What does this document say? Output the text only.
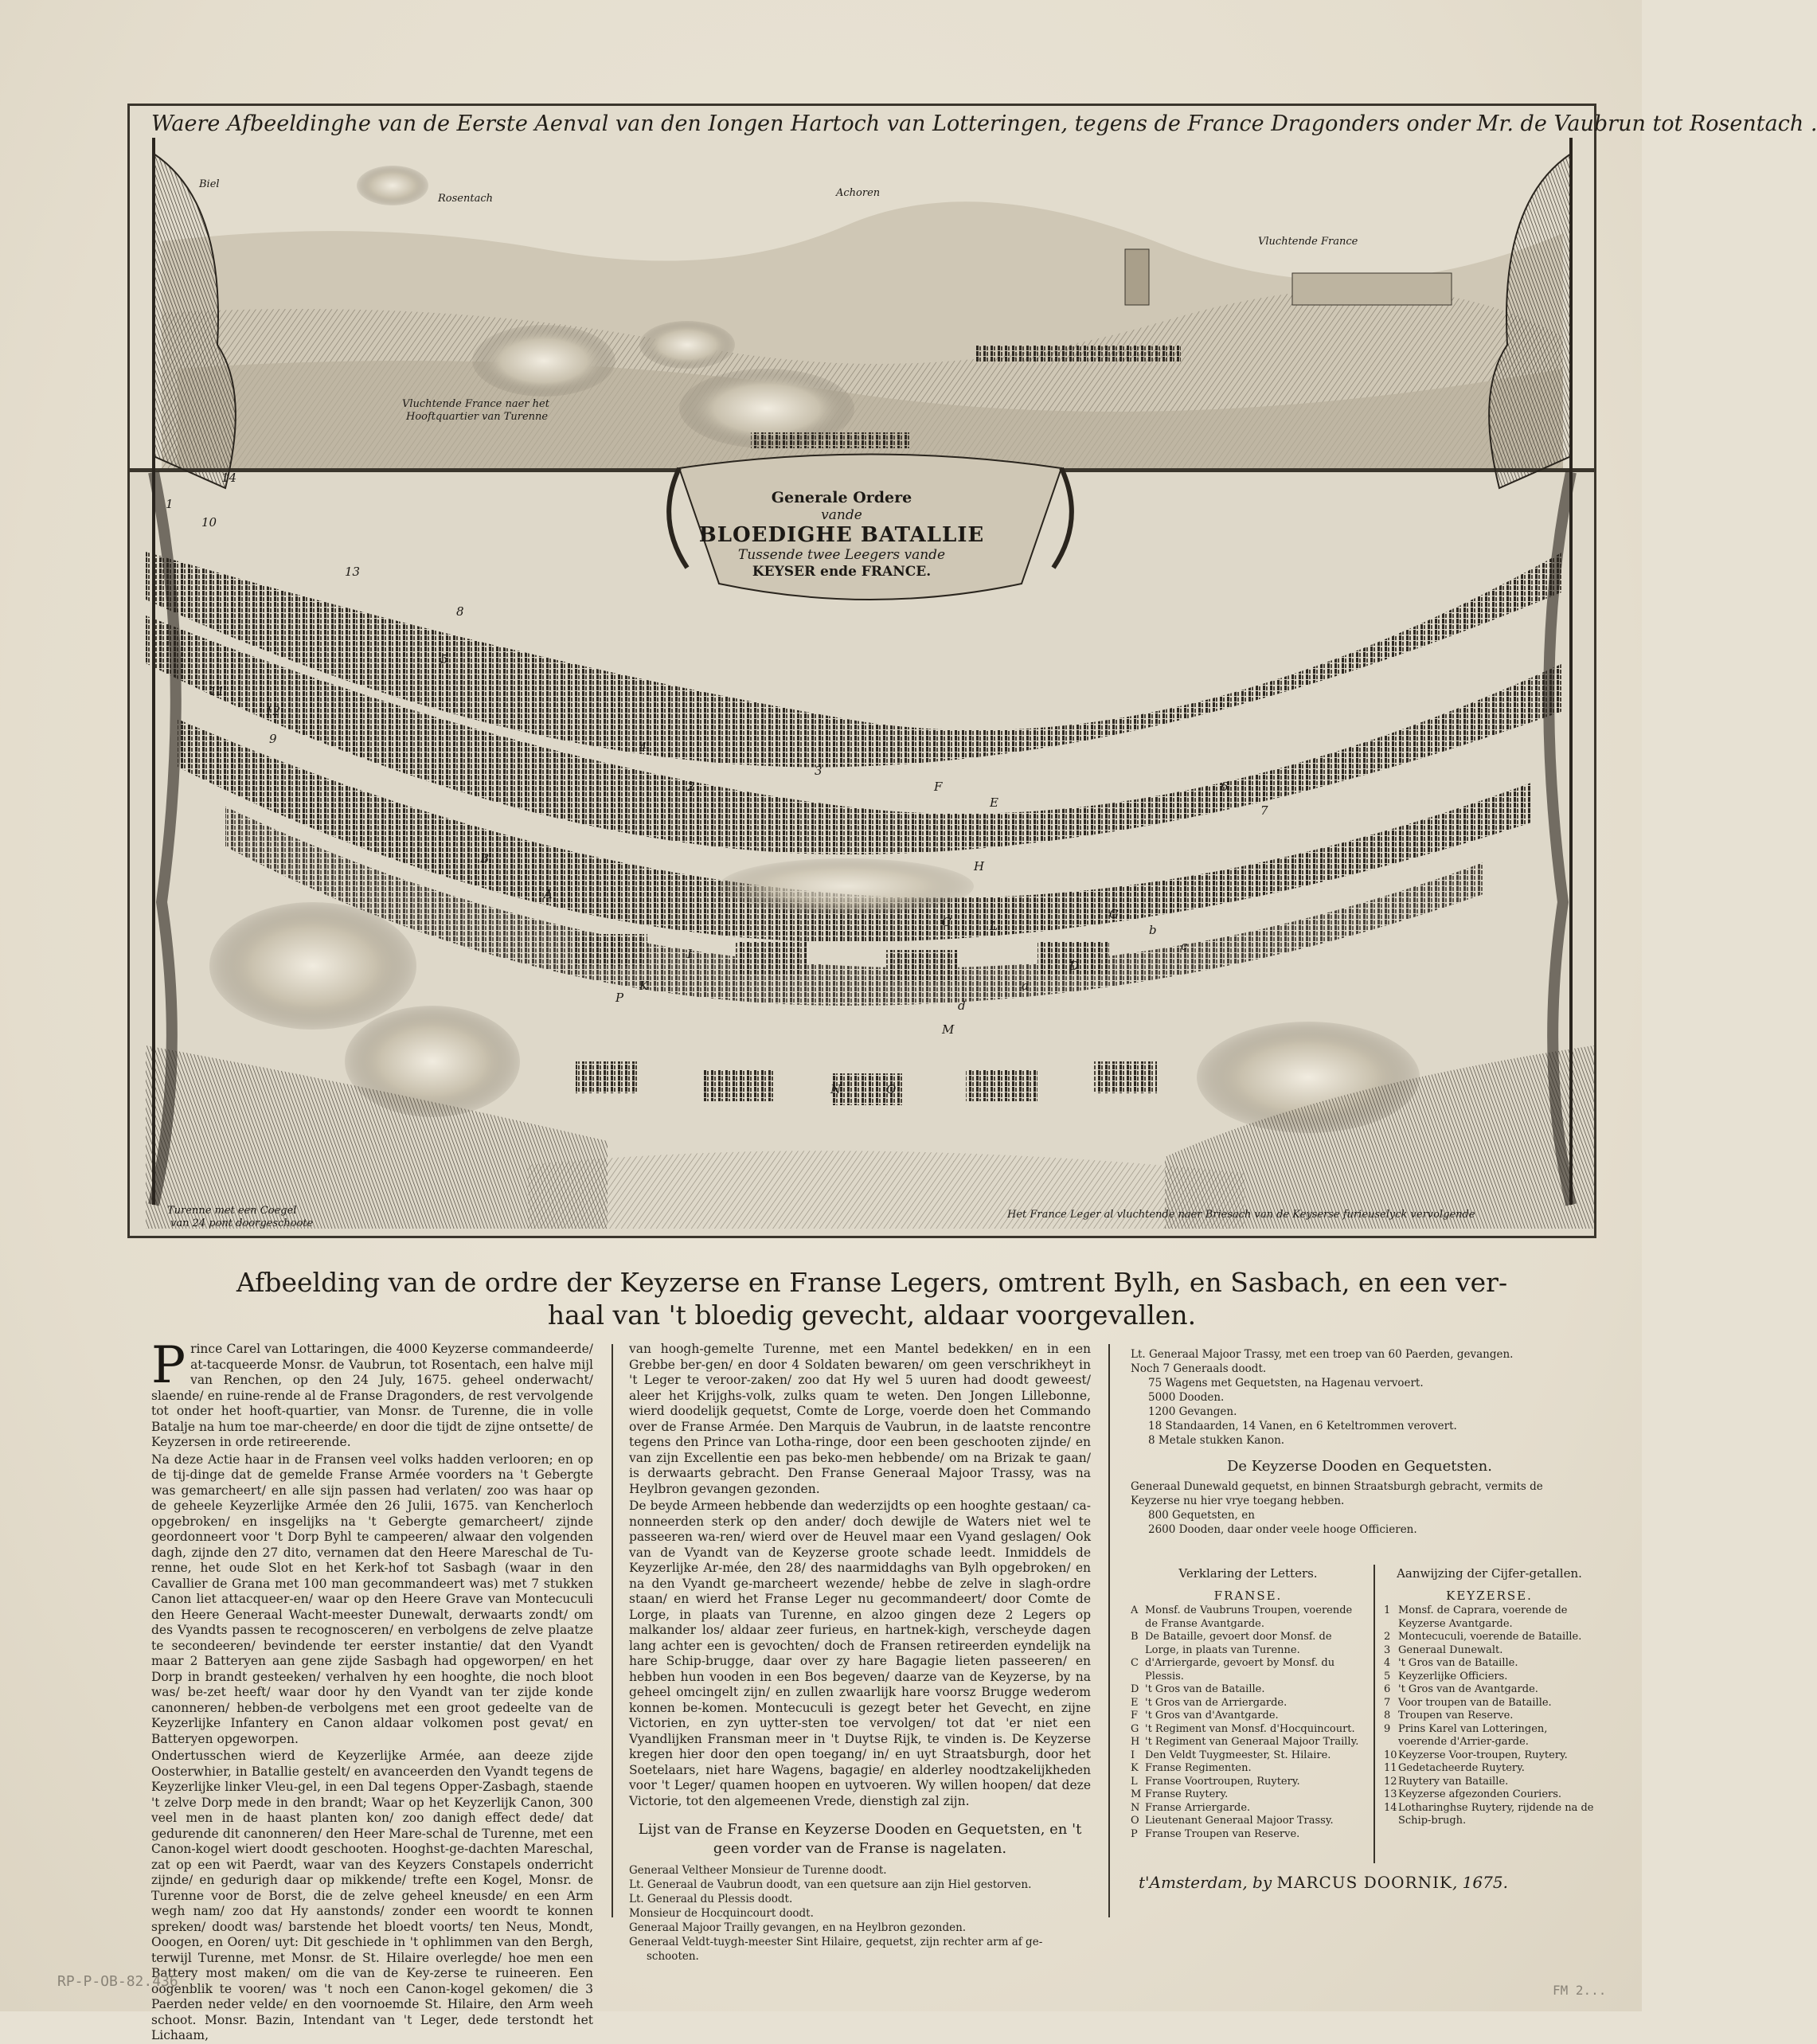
13
14
1
10
11
12
9
8
5
2
3
4
6
7
A
B
C
D
E
F
G
H
I
K
L
M
N	O
P
a
b
c
d
Waere Afbeeldinghe van de Eerste Aenval van den Iongen Hartoch van Lotteringen, tegens de France Dragonders onder Mr. de Vaubrun tot Rosentach .
Biel
Rosentach	Achoren
Vluchtende France
Vluchtende France naer het
Hooftquartier van Turenne
Generale Ordere
vande
BLOEDIGHE BATALLIE
Tussende twee Leegers vande
KEYSER ende FRANCE.
Turenne met een Coegel
van 24 pont doorgeschoote
Het France Leger al vluchtende naer Briesach van de Keyserse furieuselyck vervolgende
Afbeelding van de ordre der Keyzerse en Franse Legers, omtrent Bylh, en Sasbach, en een ver-
haal van 't bloedig gevecht, aldaar voorgevallen.
P rince Carel van Lottaringen, die 4000 Keyzerse commandeerde/ at-tacqueerde Monsr. de Vaubrun, tot Rosentach, een halve mijl van Renchen, op den 24 July, 1675. geheel onderwacht/ slaende/ en ruine-rende al de Franse Dragonders, de rest vervolgende tot onder het hooft-quartier, van Monsr. de Turenne, die in volle Batalje na hum toe mar-cheerde/ en door die tijdt de zijne ontsette/ de Keyzersen in orde retireerende.

Na deze Actie haar in de Fransen veel volks hadden verlooren; en op de tij-dinge dat de gemelde Franse Armée voorders na 't Gebergte was gemarcheert/ en alle sijn passen had verlaten/ zoo was haar op de geheele Keyzerlijke Armée den 26 Julii, 1675. van Kencherloch opgebroken/ en insgelijks na 't Gebergte gemarcheert/ zijnde geordonneert voor 't Dorp Byhl te campeeren/ alwaar den volgenden dagh, zijnde den 27 dito, vernamen dat den Heere Mareschal de Tu-renne, het oude Slot en het Kerk-hof tot Sasbagh (waar in den Cavallier de Grana met 100 man gecommandeert was) met 7 stukken Canon liet attacqueer-en/ waar op den Heere Grave van Montecuculi den Heere Generaal Wacht-meester Dunewalt, derwaarts zondt/ om des Vyandts passen te recognosceren/ en verbolgens de zelve plaatze te secondeeren/ bevindende ter eerster instantie/ dat den Vyandt maar 2 Batteryen aan gene zijde Sasbagh had opgeworpen/ en het Dorp in brandt gesteeken/ verhalven hy een hooghte, die noch bloot was/ be-zet heeft/ waar door hy den Vyandt van ter zijde konde canonneren/ hebben-de verbolgens met een groot gedeelte van de Keyzerlijke Infantery en Canon aldaar volkomen post gevat/ en Batteryen opgeworpen.

Ondertusschen wierd de Keyzerlijke Armée, aan deeze zijde Oosterwhier, in Batallie gestelt/ en avanceerden den Vyandt tegens de Keyzerlijke linker Vleu-gel, in een Dal tegens Opper-Zasbagh, staende 't zelve Dorp mede in den brandt; Waar op het Keyzerlijk Canon, 300 veel men in de haast planten kon/ zoo danigh effect dede/ dat gedurende dit canonneren/ den Heer Mare-schal de Turenne, met een Canon-kogel wiert doodt geschooten. Hooghst-ge-dachten Mareschal, zat op een wit Paerdt, waar van des Keyzers Constapels onderricht zijnde/ en gedurigh daar op mikkende/ trefte een Kogel, Monsr. de Turenne voor de Borst, die de zelve geheel kneusde/ en een Arm wegh nam/ zoo dat Hy aanstonds/ zonder een woordt te konnen spreken/ doodt was/ barstende het bloedt voorts/ ten Neus, Mondt, Ooogen, en Ooren/ uyt: Dit geschiede in 't ophlimmen van den Bergh, terwijl Turenne, met Monsr. de St. Hilaire overlegde/ hoe men een Battery most maken/ om die van de Key-zerse te ruineeren. Een oogenblik te vooren/ was 't noch een Canon-kogel gekomen/ die 3 Paerden neder velde/ en den voornoemde St. Hilaire, den Arm weeh schoot. Monsr. Bazin, Intendant van 't Leger, dede terstondt het Lichaam,

van hoogh-gemelte Turenne, met een Mantel bedekken/ en in een Grebbe ber-gen/ en door 4 Soldaten bewaren/ om geen verschrikheyt in 't Leger te veroor-zaken/ zoo dat Hy wel 5 uuren had doodt geweest/ aleer het Krijghs-volk, zulks quam te weten. Den Jongen Lillebonne, wierd doodelijk gequetst, Comte de Lorge, voerde doen het Commando over de Franse Armée. Den Marquis de Vaubrun, in de laatste rencontre tegens den Prince van Lotha-ringe, door een been geschooten zijnde/ en van zijn Excellentie een pas beko-men hebbende/ om na Brizak te gaan/ is derwaarts gebracht. Den Franse Generaal Majoor Trassy, was na Heylbron gevangen gezonden.

De beyde Armeen hebbende dan wederzijdts op een hooghte gestaan/ ca-nonneerden sterk op den ander/ doch dewijle de Waters niet wel te passeeren wa-ren/ wierd over de Heuvel maar een Vyand geslagen/ Ook van de Vyandt van de Keyzerse groote schade leedt. Inmiddels de Keyzerlijke Ar-mée, den 28/ des naarmiddaghs van Bylh opgebroken/ en na den Vyandt ge-marcheert wezende/ hebbe de zelve in slagh-ordre staan/ en wierd het Franse Leger nu gecommandeert/ door Comte de Lorge, in plaats van Turenne, en alzoo gingen deze 2 Legers op malkander los/ aldaar zeer furieus, en hartnek-kigh, verscheyde dagen lang achter een is gevochten/ doch de Fransen retireerden eyndelijk na hare Schip-brugge, daar over zy hare Bagagie lieten passeeren/ en hebben hun vooden in een Bos begeven/ daarze van de Keyzerse, by na geheel omcingelt zijn/ en zullen zwaarlijk hare voorsz Brugge wederom konnen be-komen. Montecuculi is gezegt beter het Gevecht, en zijne Victorien, en zyn uytter-sten toe vervolgen/ tot dat 'er niet een Vyandlijken Fransman meer in 't Duytse Rijk, te vinden is. De Keyzerse kregen hier door den open toegang/ in/ en uyt Straatsburgh, door het Soetelaars, niet hare Wagens, bagagie/ en alderley noodtzakelijkheden voor 't Leger/ quamen hoopen en uytvoeren. Wy willen hoopen/ dat deze Victorie, tot den algemeenen Vrede, dienstigh zal zijn.

Lijst van de Franse en Keyzerse Dooden en Gequetsten, en 't geen vorder van de Franse is nagelaten.
Generaal Veltheer Monsieur de Turenne doodt.
Lt. Generaal de Vaubrun doodt, van een quetsure aan zijn Hiel gestorven.
Lt. Generaal du Plessis doodt.
Monsieur de Hocquincourt doodt.
Generaal Majoor Trailly gevangen, en na Heylbron gezonden.
Generaal Veldt-tuygh-meester Sint Hilaire, gequetst, zijn rechter arm af ge-
schooten.
Lt. Generaal Majoor Trassy, met een troep van 60 Paerden, gevangen.
Noch 7 Generaals doodt.
75 Wagens met Gequetsten, na Hagenau vervoert.
5000 Dooden.
1200 Gevangen.
18 Standaarden, 14 Vanen, en 6 Keteltrommen verovert.
8 Metale stukken Kanon.
De Keyzerse Dooden en Gequetsten.
Generaal Dunewald gequetst, en binnen Straatsburgh gebracht, vermits de Keyzerse nu hier vrye toegang hebben.
800 Gequetsten, en
2600 Dooden, daar onder veele hooge Officieren.
Verklaring der Letters.
FRANSE.
A Monsf. de Vaubruns Troupen, voerende de Franse Avantgarde.
B De Bataille, gevoert door Monsf. de Lorge, in plaats van Turenne.
C d'Arriergarde, gevoert by Monsf. du Plessis.
D 't Gros van de Bataille.
E 't Gros van de Arriergarde.
F 't Gros van d'Avantgarde.
G 't Regiment van Monsf. d'Hocquincourt.
H 't Regiment van Generaal Majoor Trailly.
I Den Veldt Tuygmeester, St. Hilaire.
K Franse Regimenten.
L Franse Voortroupen, Ruytery.
M Franse Ruytery.
N Franse Arriergarde.
O Lieutenant Generaal Majoor Trassy.
P Franse Troupen van Reserve.
Aanwijzing der Cijfer-getallen.
KEYZERSE.
1 Monsf. de Caprara, voerende de Keyzerse Avantgarde.
2 Montecuculi, voerende de Bataille.
3 Generaal Dunewalt.
4 't Gros van de Bataille.
5 Keyzerlijke Officiers.
6 't Gros van de Avantgarde.
7 Voor troupen van de Bataille.
8 Troupen van Reserve.
9 Prins Karel van Lotteringen, voerende d'Arrier-garde.
10 Keyzerse Voor-troupen, Ruytery.
11 Gedetacheerde Ruytery.
12 Ruytery van Bataille.
13 Keyzerse afgezonden Couriers.
14 Lotharinghse Ruytery, rijdende na de Schip-brugh.
t'Amsterdam, by MARCUS DOORNIK, 1675.
RP-P-OB-82.436
FM 2...
